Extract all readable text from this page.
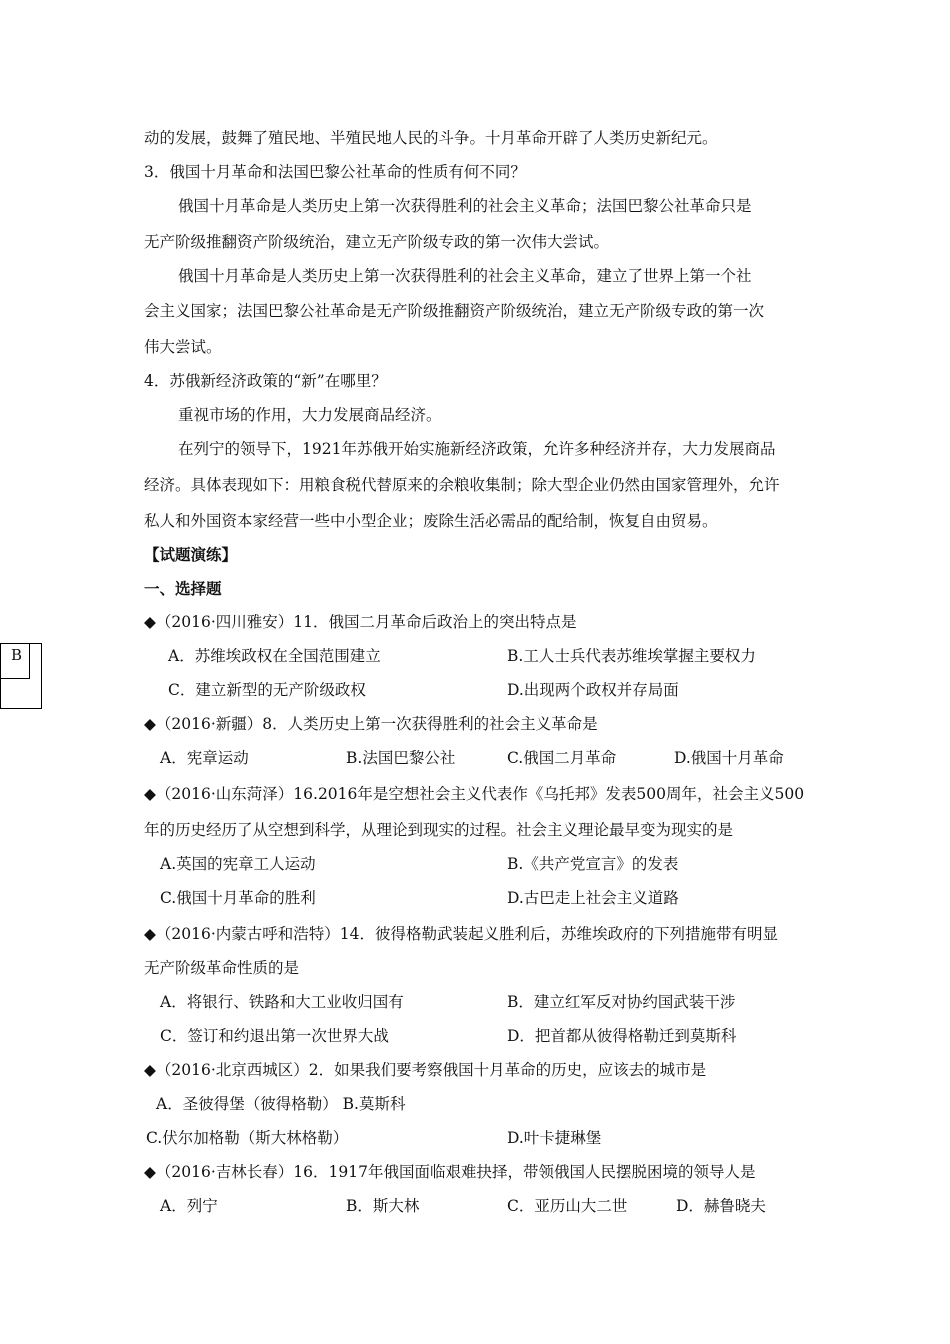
动的发展，鼓舞了殖民地、半殖民地人民的斗争。十月革命开辟了人类历史新纪元。
3．俄国十月革命和法国巴黎公社革命的性质有何不同？
俄国十月革命是人类历史上第一次获得胜利的社会主义革命；法国巴黎公社革命只是
无产阶级推翻资产阶级统治，建立无产阶级专政的第一次伟大尝试。
俄国十月革命是人类历史上第一次获得胜利的社会主义革命，建立了世界上第一个社
会主义国家；法国巴黎公社革命是无产阶级推翻资产阶级统治，建立无产阶级专政的第一次
伟大尝试。
4．苏俄新经济政策的“新”在哪里？
重视市场的作用，大力发展商品经济。
在列宁的领导下，1921年苏俄开始实施新经济政策，允许多种经济并存，大力发展商品
经济。具体表现如下：用粮食税代替原来的余粮收集制；除大型企业仍然由国家管理外，允许
私人和外国资本家经营一些中小型企业；废除生活必需品的配给制，恢复自由贸易。
【试题演练】
一、选择题
B
◆（2016·四川雅安）11．俄国二月革命后政治上的突出特点是
A．苏维埃政权在全国范围建立	B.工人士兵代表苏维埃掌握主要权力
C．建立新型的无产阶级政权	D.出现两个政权并存局面
◆（2016·新疆）8．人类历史上第一次获得胜利的社会主义革命是
A．宪章运动	B.法国巴黎公社	C.俄国二月革命	D.俄国十月革命
◆（2016·山东菏泽）16.2016年是空想社会主义代表作《乌托邦》发表500周年，社会主义500
年的历史经历了从空想到科学，从理论到现实的过程。社会主义理论最早变为现实的是
A.英国的宪章工人运动	B.《共产党宣言》的发表
C.俄国十月革命的胜利	D.古巴走上社会主义道路
◆（2016·内蒙古呼和浩特）14．彼得格勒武装起义胜利后，苏维埃政府的下列措施带有明显
无产阶级革命性质的是
A．将银行、铁路和大工业收归国有	B．建立红军反对协约国武装干涉
C．签订和约退出第一次世界大战	D．把首都从彼得格勒迁到莫斯科
◆（2016·北京西城区）2．如果我们要考察俄国十月革命的历史，应该去的城市是
A．圣彼得堡（彼得格勒） B.莫斯科
C.伏尔加格勒（斯大林格勒）	D.叶卡捷琳堡
◆（2016·吉林长春）16．1917年俄国面临艰难抉择，带领俄国人民摆脱困境的领导人是
A．列宁	B．斯大林	C．亚历山大二世	D．赫鲁晓夫
